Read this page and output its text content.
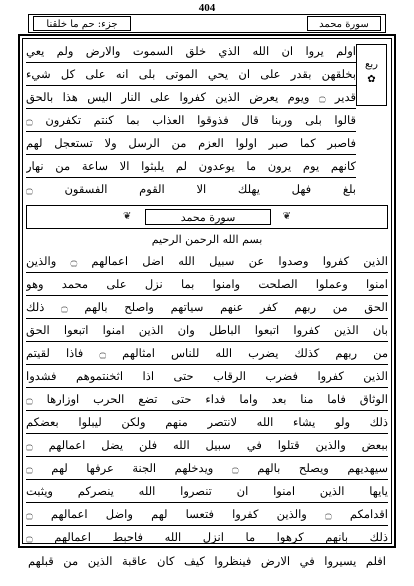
404
سورة محمد
جزء: حم ما خلقنا
ربع
✿
اولم يروا ان الله الذي خلق السموت والارض ولم يعي
بخلقهن بقدر على ان يحي الموتى بلى انه على كل شيء
قدير ۝ ويوم يعرض الذين كفروا على النار اليس هذا بالحق
قالوا بلى وربنا قال فذوقوا العذاب بما كنتم تكفرون ۝
فاصبر كما صبر اولوا العزم من الرسل ولا تستعجل لهم
كانهم يوم يرون ما يوعدون لم يلبثوا الا ساعة من نهار
بلغ فهل يهلك الا القوم الفسقون ۝
❦	سورة محمد	❦
بسم الله الرحمن الرحيم
الذين كفروا وصدوا عن سبيل الله اضل اعمالهم ۝ والذين
امنوا وعملوا الصلحت وامنوا بما نزل على محمد وهو
الحق من ربهم كفر عنهم سياتهم واصلح بالهم ۝ ذلك
بان الذين كفروا اتبعوا الباطل وان الذين امنوا اتبعوا الحق
من ربهم كذلك يضرب الله للناس امثالهم ۝ فاذا لقيتم
الذين كفروا فضرب الرقاب حتى اذا اثخنتموهم فشدوا
الوثاق فاما منا بعد واما فداء حتى تضع الحرب اوزارها ۝
ذلك ولو يشاء الله لانتصر منهم ولكن ليبلوا بعضكم
ببعض والذين قتلوا في سبيل الله فلن يضل اعمالهم ۝
سيهديهم ويصلح بالهم ۝ ويدخلهم الجنة عرفها لهم ۝
يايها الذين امنوا ان تنصروا الله ينصركم ويثبت
اقدامكم ۝ والذين كفروا فتعسا لهم واضل اعمالهم ۝
ذلك بانهم كرهوا ما انزل الله فاحبط اعمالهم ۝
افلم يسيروا في الارض فينظروا كيف كان عاقبة الذين من قبلهم
